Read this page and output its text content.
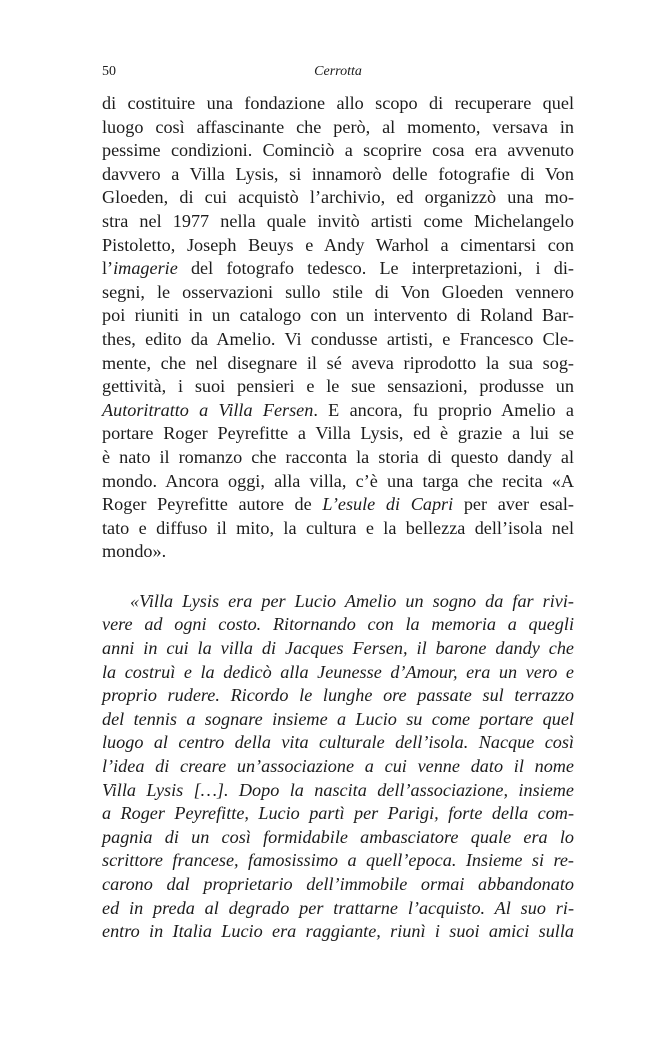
50	Cerrotta
di costituire una fondazione allo scopo di recuperare quel
luogo così affascinante che però, al momento, versava in
pessime condizioni. Cominciò a scoprire cosa era avvenuto
davvero a Villa Lysis, si innamorò delle fotografie di Von
Gloeden, di cui acquistò l’archivio, ed organizzò una mo-
stra nel 1977 nella quale invitò artisti come Michelangelo
Pistoletto, Joseph Beuys e Andy Warhol a cimentarsi con
l’imagerie del fotografo tedesco. Le interpretazioni, i di-
segni, le osservazioni sullo stile di Von Gloeden vennero
poi riuniti in un catalogo con un intervento di Roland Bar-
thes, edito da Amelio. Vi condusse artisti, e Francesco Cle-
mente, che nel disegnare il sé aveva riprodotto la sua sog-
gettività, i suoi pensieri e le sue sensazioni, produsse un
Autoritratto a Villa Fersen. E ancora, fu proprio Amelio a
portare Roger Peyrefitte a Villa Lysis, ed è grazie a lui se
è nato il romanzo che racconta la storia di questo dandy al
mondo. Ancora oggi, alla villa, c’è una targa che recita «A
Roger Peyrefitte autore de L’esule di Capri per aver esal-
tato e diffuso il mito, la cultura e la bellezza dell’isola nel
mondo».
«Villa Lysis era per Lucio Amelio un sogno da far rivi-
vere ad ogni costo. Ritornando con la memoria a quegli
anni in cui la villa di Jacques Fersen, il barone dandy che
la costruì e la dedicò alla Jeunesse d’Amour, era un vero e
proprio rudere. Ricordo le lunghe ore passate sul terrazzo
del tennis a sognare insieme a Lucio su come portare quel
luogo al centro della vita culturale dell’isola. Nacque così
l’idea di creare un’associazione a cui venne dato il nome
Villa Lysis […]. Dopo la nascita dell’associazione, insieme
a Roger Peyrefitte, Lucio partì per Parigi, forte della com-
pagnia di un così formidabile ambasciatore quale era lo
scrittore francese, famosissimo a quell’epoca. Insieme si re-
carono dal proprietario dell’immobile ormai abbandonato
ed in preda al degrado per trattarne l’acquisto. Al suo ri-
entro in Italia Lucio era raggiante, riunì i suoi amici sulla
